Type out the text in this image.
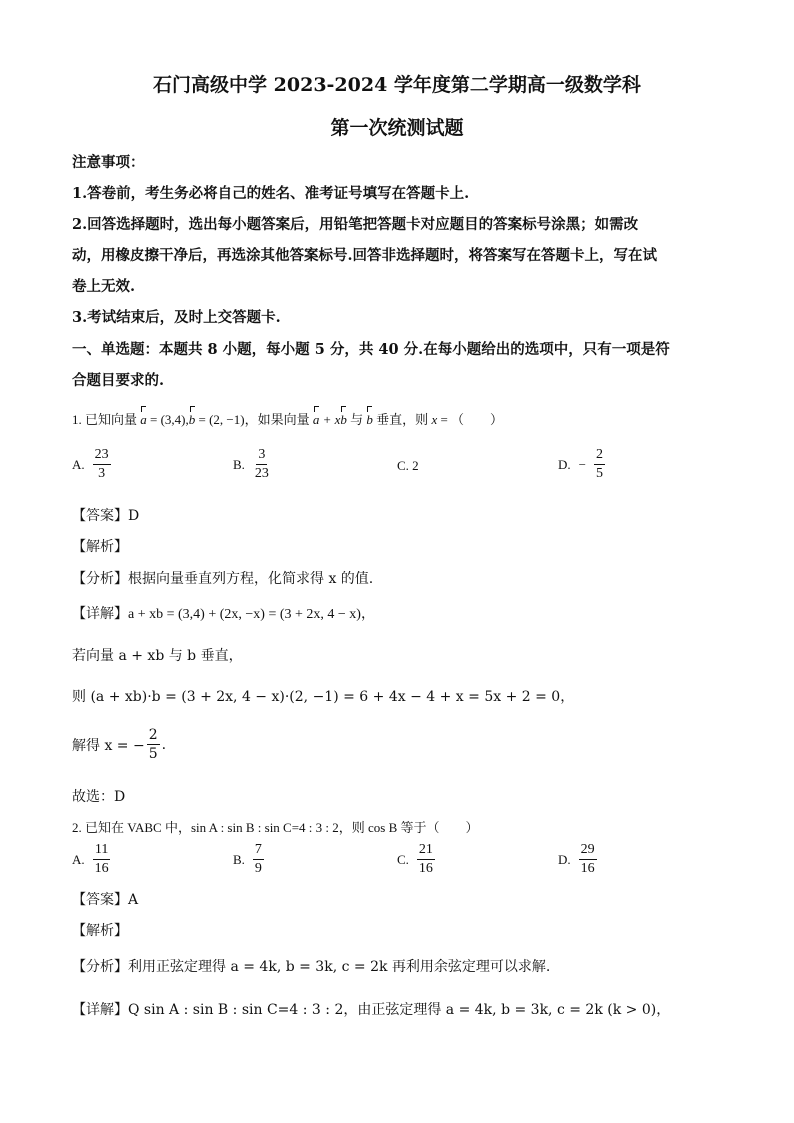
石门高级中学 2023-2024 学年度第二学期高一级数学科
第一次统测试题
注意事项：
1.答卷前，考生务必将自己的姓名、准考证号填写在答题卡上.
2.回答选择题时，选出每小题答案后，用铅笔把答题卡对应题目的答案标号涂黑；如需改
动，用橡皮擦干净后，再选涂其他答案标号.回答非选择题时，将答案写在答题卡上，写在试
卷上无效.
3.考试结束后，及时上交答题卡.
一、单选题：本题共 8 小题，每小题 5 分，共 40 分.在每小题给出的选项中，只有一项是符
合题目要求的.
1. 已知向量 a = (3,4),b = (2, −1)，如果向量 a + xb 与 b 垂直，则 x = （　　）
A. $\frac{23}{3}$	B. $\frac{3}{23}$	C. 2	D. − $\frac{2}{5}$
【答案】D
【解析】
【分析】根据向量垂直列方程，化简求得 x 的值.
【详解】a + xb = (3,4) + (2x, −x) = (3 + 2x, 4 − x)，
若向量 a + xb 与 b 垂直，
则 (a + xb)·b = (3 + 2x, 4 − x)·(2, −1) = 6 + 4x − 4 + x = 5x + 2 = 0，
解得 x = − $\frac{2}{5}$ .
故选：D
2. 已知在 VABC 中，sin A : sin B : sin C=4 : 3 : 2，则 cos B 等于（　　）
A. $\frac{11}{16}$	B. $\frac{7}{9}$	C. $\frac{21}{16}$	D. $\frac{29}{16}$
【答案】A
【解析】
【分析】利用正弦定理得 a = 4k, b = 3k, c = 2k 再利用余弦定理可以求解.
【详解】Q sin A : sin B : sin C=4 : 3 : 2，由正弦定理得 a = 4k, b = 3k, c = 2k (k > 0)，
